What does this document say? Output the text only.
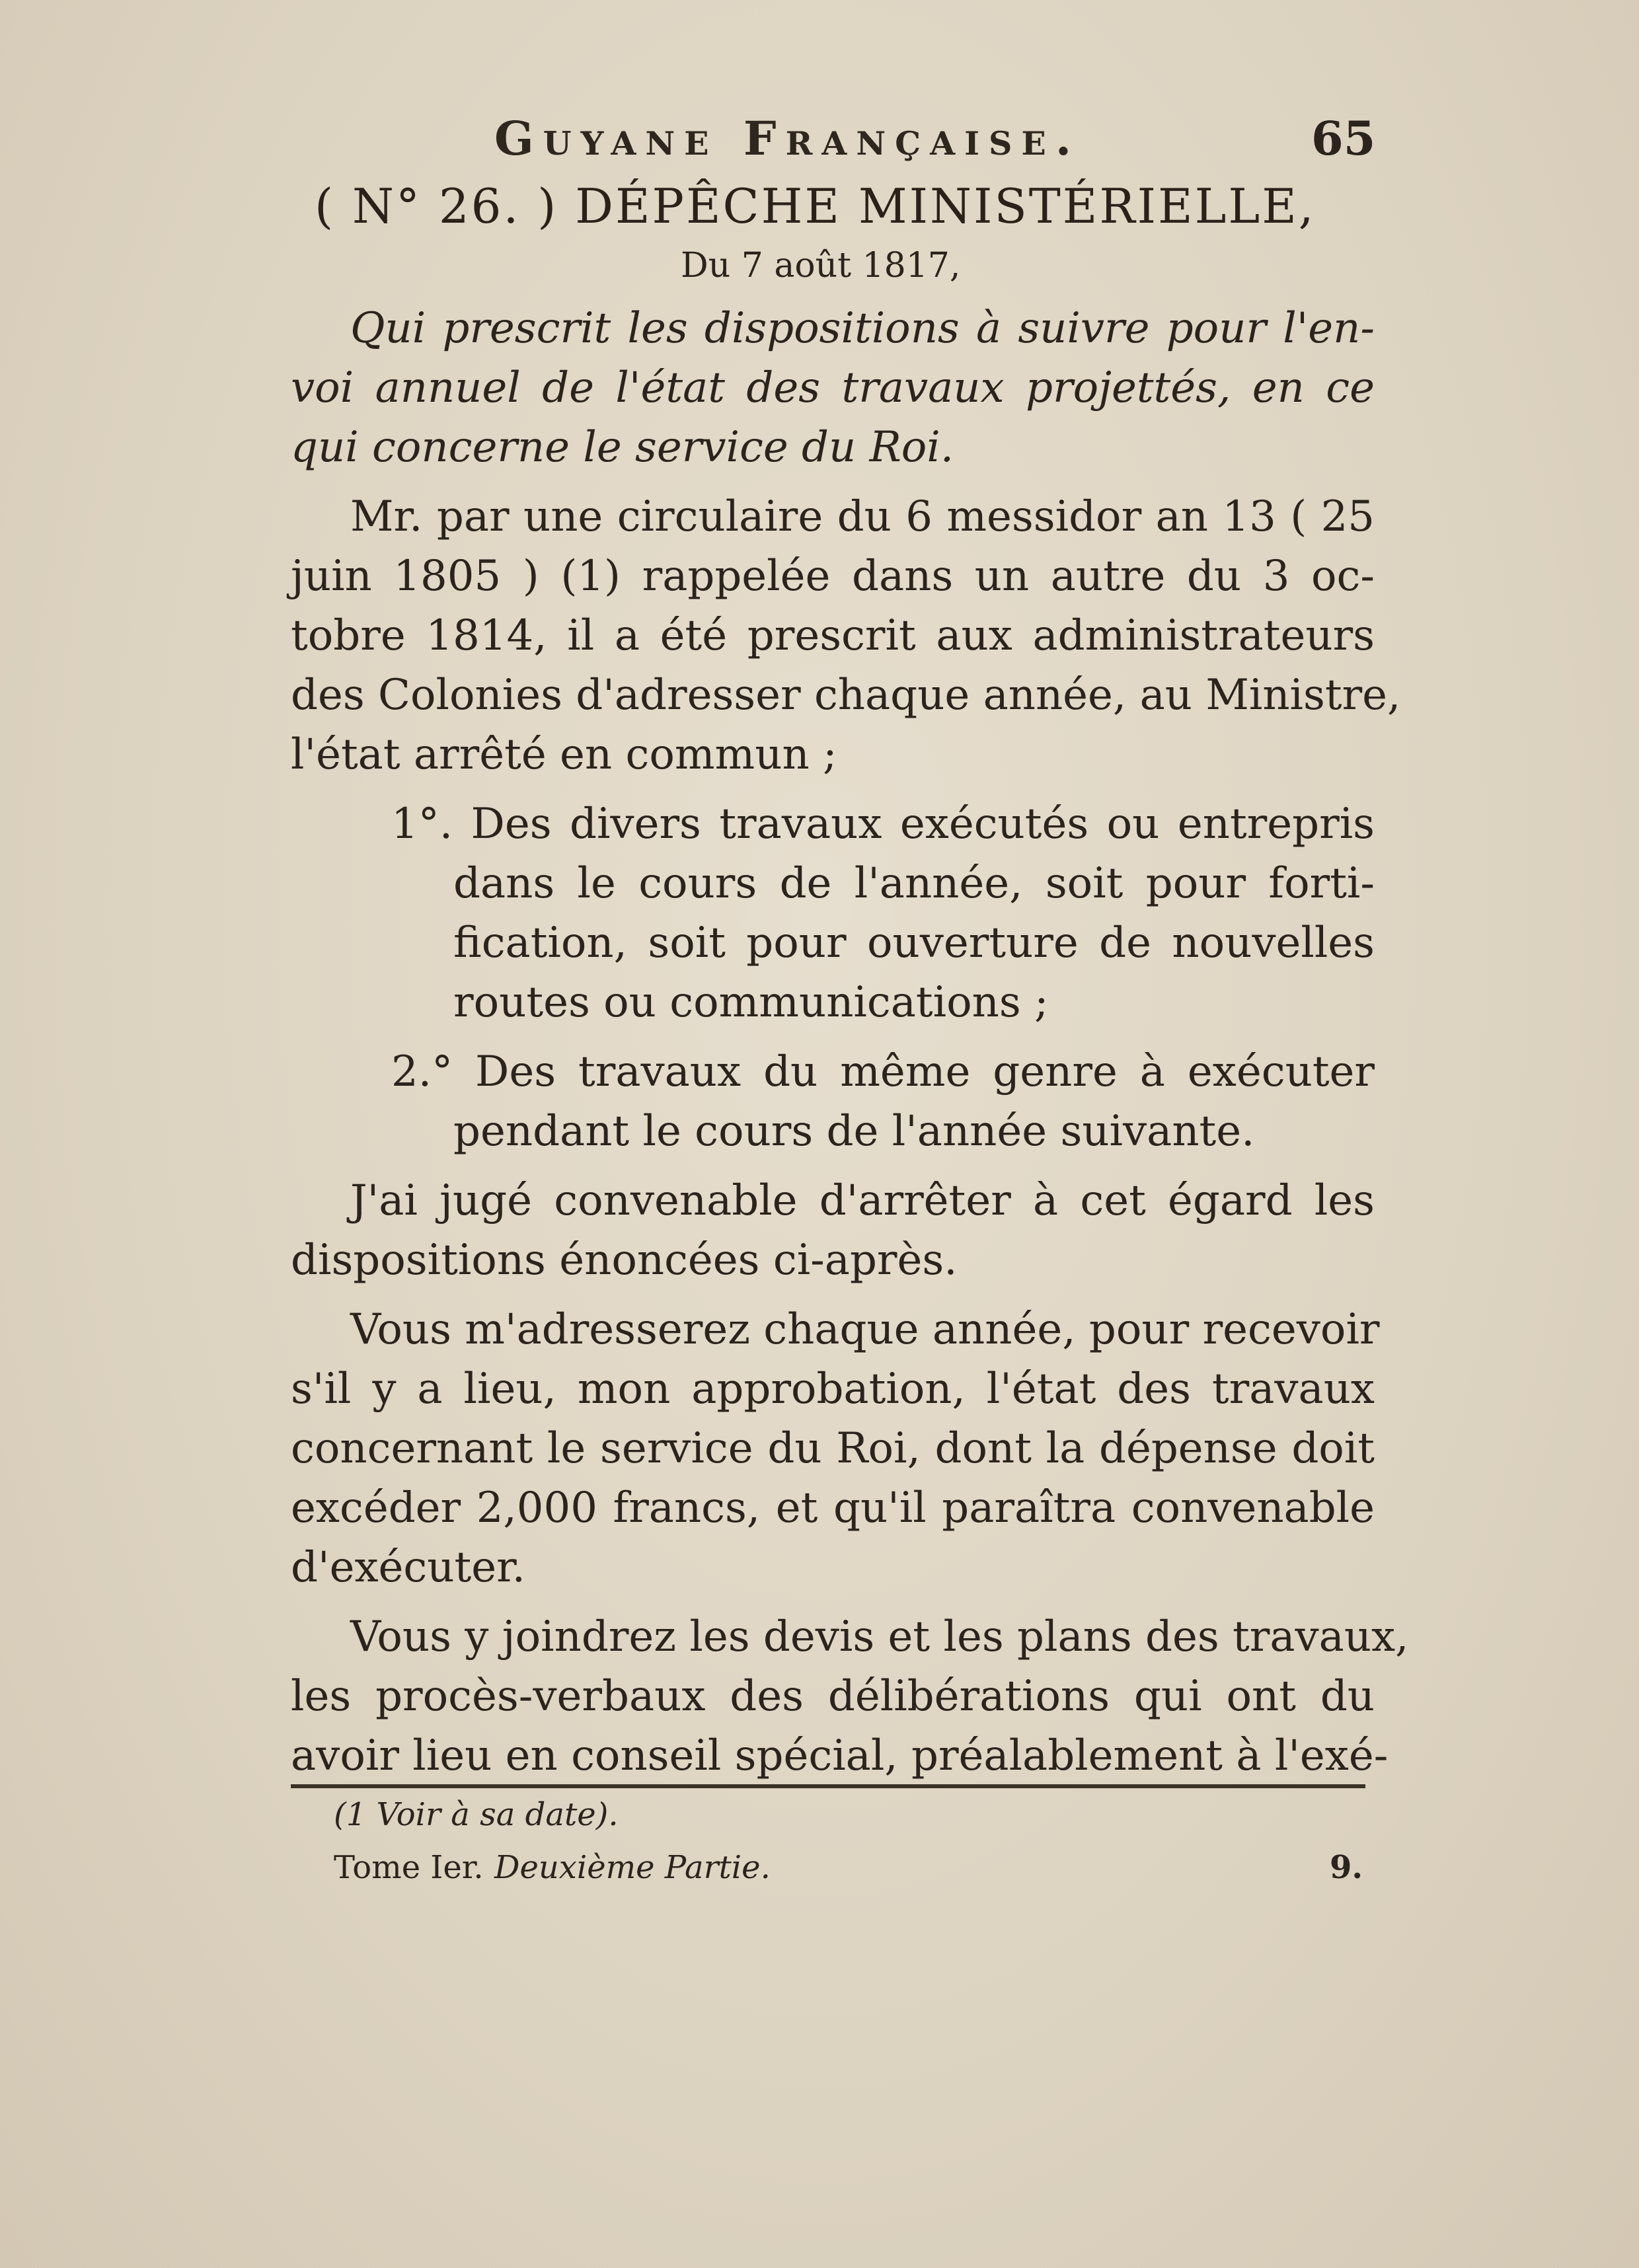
Guyane Française.	65
( N° 26. ) DÉPÊCHE MINISTÉRIELLE,
Du 7 août 1817,
Qui prescrit les dispositions à suivre pour l'en-
voi annuel de l'état des travaux projettés, en ce
qui concerne le service du Roi.
Mr. par une circulaire du 6 messidor an 13 ( 25
juin 1805 ) (1) rappelée dans un autre du 3 oc-
tobre 1814, il a été prescrit aux administrateurs
des Colonies d'adresser chaque année, au Ministre,
l'état arrêté en commun ;
1°. Des divers travaux exécutés ou entrepris
dans le cours de l'année, soit pour forti-
fication, soit pour ouverture de nouvelles
routes ou communications ;
2.° Des travaux du même genre à exécuter
pendant le cours de l'année suivante.
J'ai jugé convenable d'arrêter à cet égard les
dispositions énoncées ci-après.
Vous m'adresserez chaque année, pour recevoir
s'il y a lieu, mon approbation, l'état des travaux
concernant le service du Roi, dont la dépense doit
excéder 2,000 francs, et qu'il paraîtra convenable
d'exécuter.
Vous y joindrez les devis et les plans des travaux,
les procès-verbaux des délibérations qui ont du
avoir lieu en conseil spécial, préalablement à l'exé-
(1 Voir à sa date).
Tome Ier. Deuxième Partie.	9.
